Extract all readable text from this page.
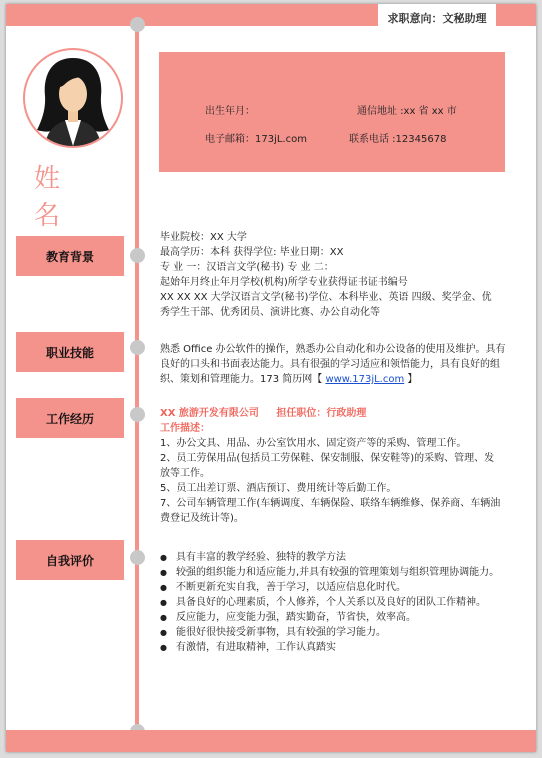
求职意向：文秘助理
姓 名
出生年月：	通信地址 :xx 省 xx 市
电子邮箱：173jL.com	联系电话 :12345678
教育背景
职业技能
工作经历
自我评价

毕业院校：XX 大学

最高学历：本科 获得学位: 毕业日期：XX

专 业 一：汉语言文学(秘书) 专 业 二：

起始年月终止年月学校(机构)所学专业获得证书证书编号

XX XX XX 大学汉语言文学(秘书)学位、本科毕业、英语 四级、奖学金、优

秀学生干部、优秀团员、演讲比赛、办公自动化等

熟悉 Office 办公软件的操作，熟悉办公自动化和办公设备的使用及维护。具有良好的口头和书面表达能力。具有很强的学习适应和领悟能力，具有良好的组织、策划和管理能力。173 简历网【 www.173jL.com 】

XX 旅游开发有限公司 担任职位：行政助理

工作描述：

1、办公文具、用品、办公室饮用水、固定资产等的采购、管理工作。

2、员工劳保用品(包括员工劳保鞋、保安制服、保安鞋等)的采购、管理、发

放等工作。

5、员工出差订票、酒店预订、费用统计等后勤工作。

7、公司车辆管理工作(车辆调度、车辆保险、联络车辆维修、保养商、车辆油

费登记及统计等)。

● 具有丰富的教学经验、独特的教学方法
● 较强的组织能力和适应能力,并具有较强的管理策划与组织管理协调能力。
● 不断更新充实自我，善于学习，以适应信息化时代。
● 具备良好的心理素质，个人修养，个人关系以及良好的团队工作精神。
● 反应能力，应变能力强，踏实勤奋，节省快，效率高。
● 能很好很快接受新事物，具有较强的学习能力。
● 有激情，有进取精神，工作认真踏实
